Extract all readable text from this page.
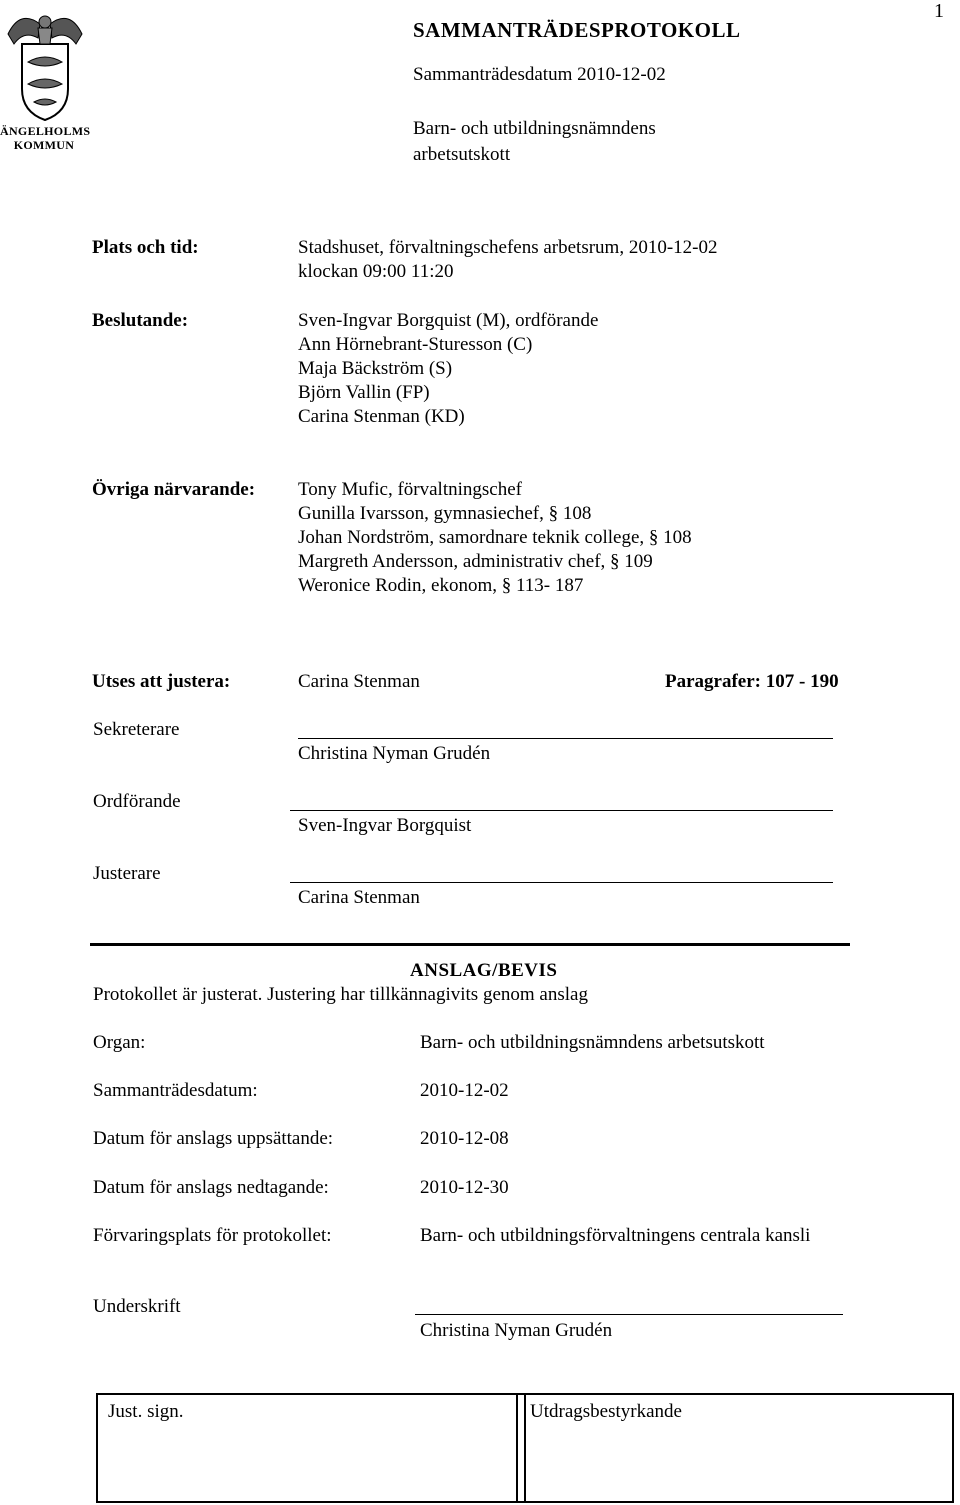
1
ÄNGELHOLMS
KOMMUN
SAMMANTRÄDESPROTOKOLL
Sammanträdesdatum 2010-12-02
Barn- och utbildningsnämndens
arbetsutskott
Plats och tid:	Stadshuset, förvaltningschefens arbetsrum, 2010-12-02
klockan 09:00 11:20
Beslutande:	Sven-Ingvar Borgquist (M), ordförande
Ann Hörnebrant-Sturesson (C)
Maja Bäckström (S)
Björn Vallin (FP)
Carina Stenman (KD)
Övriga närvarande: Tony Mufic, förvaltningschef
Gunilla Ivarsson, gymnasiechef, § 108
Johan Nordström, samordnare teknik college, § 108
Margreth Andersson, administrativ chef, § 109
Weronice Rodin, ekonom, § 113- 187
Utses att justera:	Carina Stenman	Paragrafer: 107 - 190
Sekreterare
Christina Nyman Grudén
Ordförande
Sven-Ingvar Borgquist
Justerare
Carina Stenman
ANSLAG/BEVIS
Protokollet är justerat. Justering har tillkännagivits genom anslag
Organ:	Barn- och utbildningsnämndens arbetsutskott
Sammanträdesdatum:	2010-12-02
Datum för anslags uppsättande:	2010-12-08
Datum för anslags nedtagande:	2010-12-30
Förvaringsplats för protokollet:	Barn- och utbildningsförvaltningens centrala kansli
Underskrift
Christina Nyman Grudén
Just. sign.	Utdragsbestyrkande
